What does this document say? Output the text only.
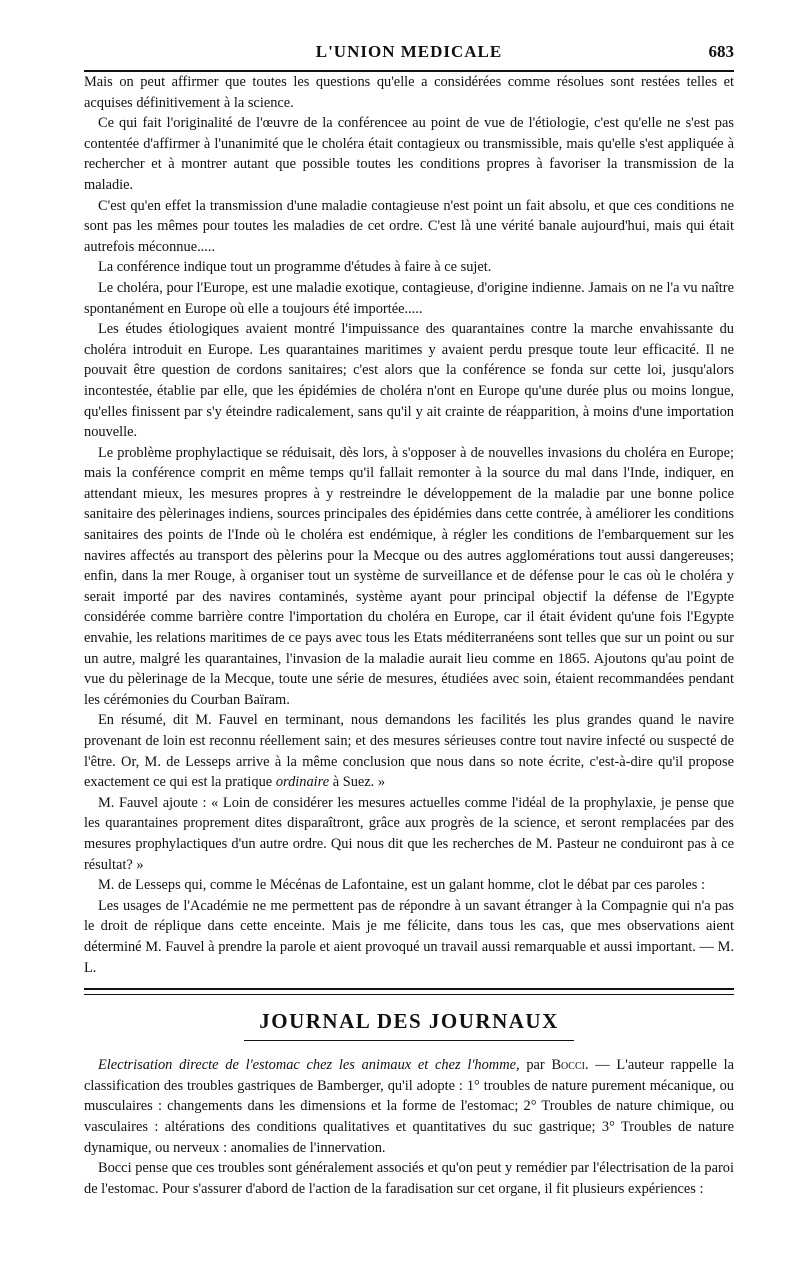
L'UNION MEDICALE	683

Mais on peut affirmer que toutes les questions qu'elle a considérées comme résolues sont restées telles et acquises définitivement à la science.

Ce qui fait l'originalité de l'œuvre de la conférencee au point de vue de l'étiologie, c'est qu'elle ne s'est pas contentée d'affirmer à l'unanimité que le choléra était contagieux ou transmissible, mais qu'elle s'est appliquée à rechercher et à montrer autant que possible toutes les conditions propres à favoriser la transmission de la maladie.

C'est qu'en effet la transmission d'une maladie contagieuse n'est point un fait absolu, et que ces conditions ne sont pas les mêmes pour toutes les maladies de cet ordre. C'est là une vérité banale aujourd'hui, mais qui était autrefois méconnue.....

La conférence indique tout un programme d'études à faire à ce sujet.

Le choléra, pour l'Europe, est une maladie exotique, contagieuse, d'origine indienne. Jamais on ne l'a vu naître spontanément en Europe où elle a toujours été importée.....

Les études étiologiques avaient montré l'impuissance des quarantaines contre la marche envahissante du choléra introduit en Europe. Les quarantaines maritimes y avaient perdu presque toute leur efficacité. Il ne pouvait être question de cordons sanitaires; c'est alors que la conférence se fonda sur cette loi, jusqu'alors incontestée, établie par elle, que les épidémies de choléra n'ont en Europe qu'une durée plus ou moins longue, qu'elles finissent par s'y éteindre radicalement, sans qu'il y ait crainte de réapparition, à moins d'une importation nouvelle.

Le problème prophylactique se réduisait, dès lors, à s'opposer à de nouvelles invasions du choléra en Europe; mais la conférence comprit en même temps qu'il fallait remonter à la source du mal dans l'Inde, indiquer, en attendant mieux, les mesures propres à y restreindre le développement de la maladie par une bonne police sanitaire des pèlerinages indiens, sources principales des épidémies dans cette contrée, à améliorer les conditions sanitaires des points de l'Inde où le choléra est endémique, à régler les conditions de l'embarquement sur les navires affectés au transport des pèlerins pour la Mecque ou des autres agglomérations tout aussi dangereuses; enfin, dans la mer Rouge, à organiser tout un système de surveillance et de défense pour le cas où le choléra y serait importé par des navires contaminés, système ayant pour principal objectif la défense de l'Egypte considérée comme barrière contre l'importation du choléra en Europe, car il était évident qu'une fois l'Egypte envahie, les relations maritimes de ce pays avec tous les Etats méditerranéens sont telles que sur un point ou sur un autre, malgré les quarantaines, l'invasion de la maladie aurait lieu comme en 1865. Ajoutons qu'au point de vue du pèlerinage de la Mecque, toute une série de mesures, étudiées avec soin, étaient recommandées pendant les cérémonies du Courban Baïram.

En résumé, dit M. Fauvel en terminant, nous demandons les facilités les plus grandes quand le navire provenant de loin est reconnu réellement sain; et des mesures sérieuses contre tout navire infecté ou suspecté de l'être. Or, M. de Lesseps arrive à la même conclusion que nous dans so note écrite, c'est-à-dire qu'il propose exactement ce qui est la pratique ordinaire à Suez. »

M. Fauvel ajoute : « Loin de considérer les mesures actuelles comme l'idéal de la prophylaxie, je pense que les quarantaines proprement dites disparaîtront, grâce aux progrès de la science, et seront remplacées par des mesures prophylactiques d'un autre ordre. Qui nous dit que les recherches de M. Pasteur ne conduiront pas à ce résultat? »

M. de Lesseps qui, comme le Mécénas de Lafontaine, est un galant homme, clot le débat par ces paroles :

Les usages de l'Académie ne me permettent pas de répondre à un savant étranger à la Compagnie qui n'a pas le droit de réplique dans cette enceinte. Mais je me félicite, dans tous les cas, que mes observations aient déterminé M. Fauvel à prendre la parole et aient provoqué un travail aussi remarquable et aussi important. — M. L.

JOURNAL DES JOURNAUX

Electrisation directe de l'estomac chez les animaux et chez l'homme, par Bocci. — L'auteur rappelle la classification des troubles gastriques de Bamberger, qu'il adopte : 1° troubles de nature purement mécanique, ou musculaires : changements dans les dimensions et la forme de l'estomac; 2° Troubles de nature chimique, ou vasculaires : altérations des conditions qualitatives et quantitatives du suc gastrique; 3° Troubles de nature dynamique, ou nerveux : anomalies de l'innervation.

Bocci pense que ces troubles sont généralement associés et qu'on peut y remédier par l'électrisation de la paroi de l'estomac. Pour s'assurer d'abord de l'action de la faradisation sur cet organe, il fit plusieurs expériences :
